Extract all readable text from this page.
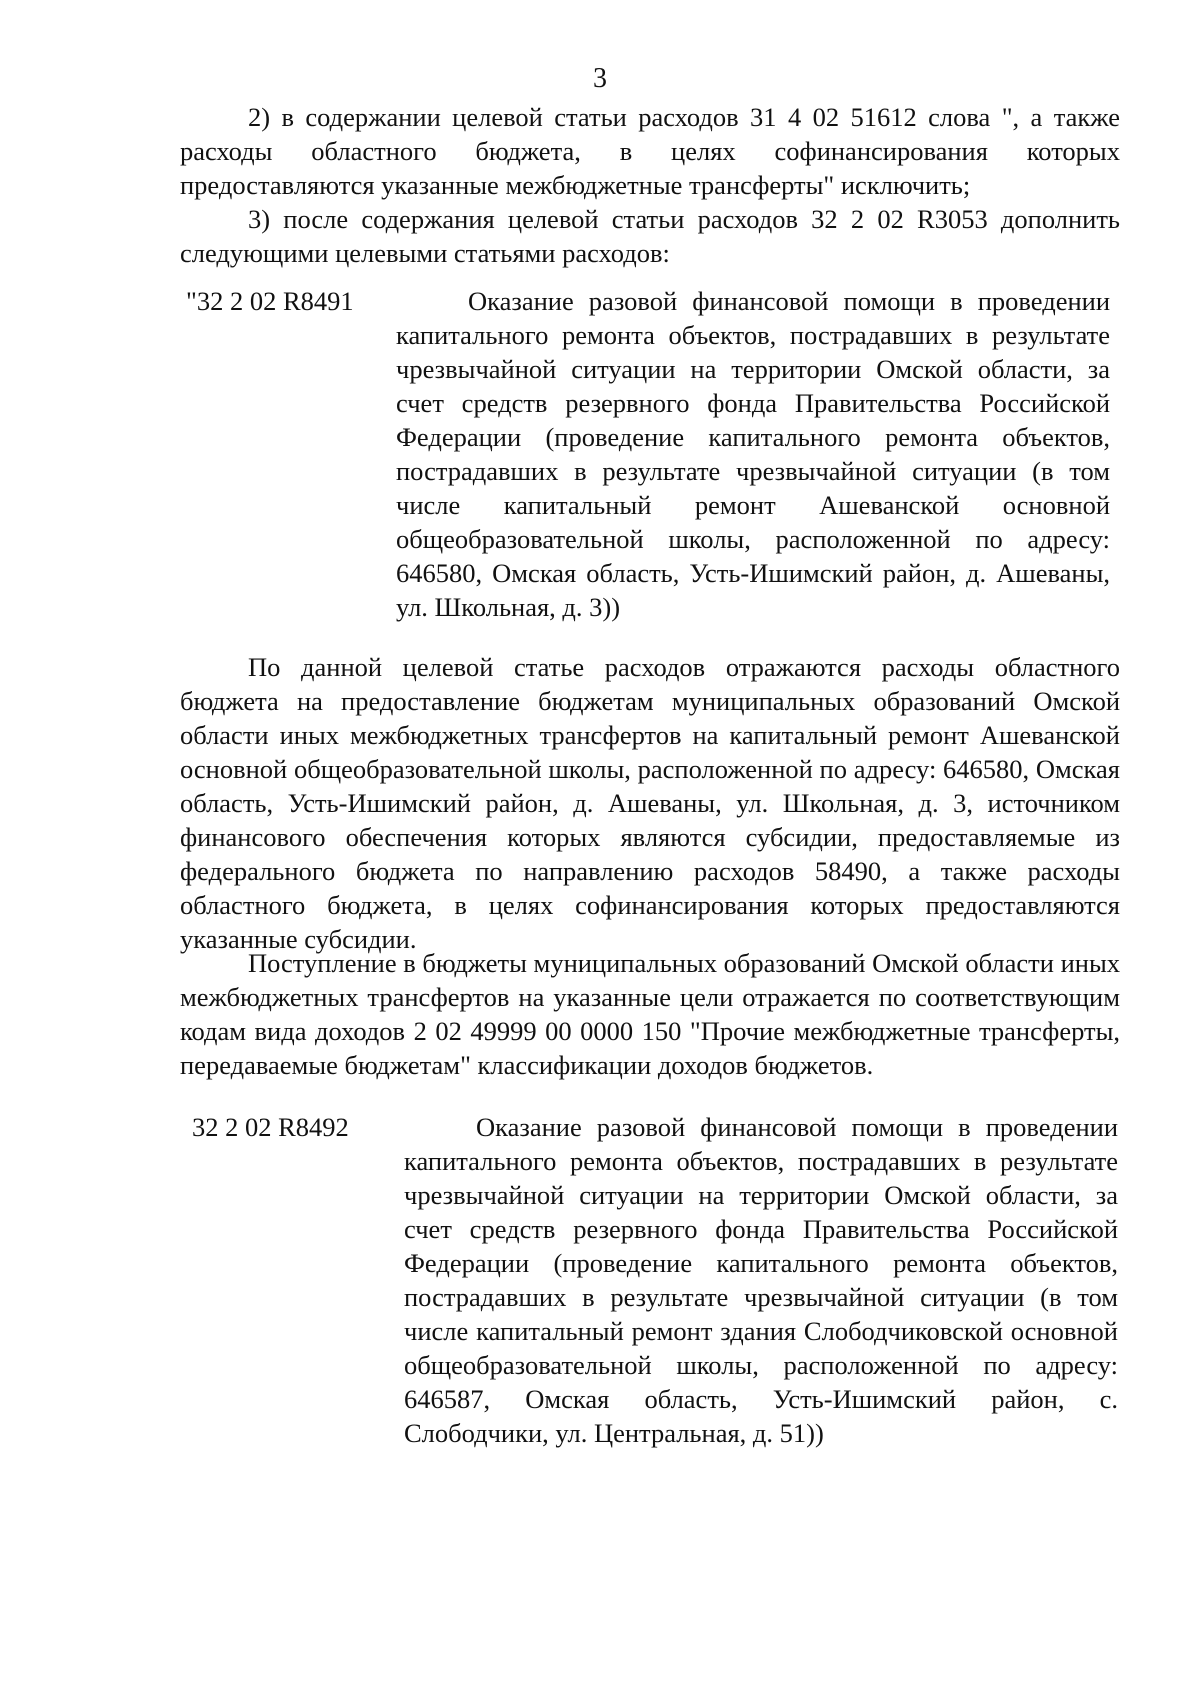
3

2) в содержании целевой статьи расходов 31 4 02 51612 слова ", а также расходы областного бюджета, в целях софинансирования которых предоставляются указанные межбюджетные трансферты" исключить;

3) после содержания целевой статьи расходов 32 2 02 R3053 дополнить следующими целевыми статьями расходов:

"32 2 02 R8491	Оказание разовой финансовой помощи в проведении капитального ремонта объектов, пострадавших в результате чрезвычайной ситуации на территории Омской области, за счет средств резервного фонда Правительства Российской Федерации (проведение капитального ремонта объектов, пострадавших в результате чрезвычайной ситуации (в том числе капитальный ремонт Ашеванской основной общеобразовательной школы, расположенной по адресу: 646580, Омская область, Усть-Ишимский район, д. Ашеваны, ул. Школьная, д. 3))

По данной целевой статье расходов отражаются расходы областного бюджета на предоставление бюджетам муниципальных образований Омской области иных межбюджетных трансфертов на капитальный ремонт Ашеванской основной общеобразовательной школы, расположенной по адресу: 646580, Омская область, Усть-Ишимский район, д. Ашеваны, ул. Школьная, д. 3, источником финансового обеспечения которых являются субсидии, предоставляемые из федерального бюджета по направлению расходов 58490, а также расходы областного бюджета, в целях софинансирования которых предоставляются указанные субсидии.

Поступление в бюджеты муниципальных образований Омской области иных межбюджетных трансфертов на указанные цели отражается по соответствующим кодам вида доходов 2 02 49999 00 0000 150 "Прочие межбюджетные трансферты, передаваемые бюджетам" классификации доходов бюджетов.

32 2 02 R8492	Оказание разовой финансовой помощи в проведении капитального ремонта объектов, пострадавших в результате чрезвычайной ситуации на территории Омской области, за счет средств резервного фонда Правительства Российской Федерации (проведение капитального ремонта объектов, пострадавших в результате чрезвычайной ситуации (в том числе капитальный ремонт здания Слободчиковской основной общеобразовательной школы, расположенной по адресу: 646587, Омская область, Усть-Ишимский район, с. Слободчики, ул. Центральная, д. 51))
